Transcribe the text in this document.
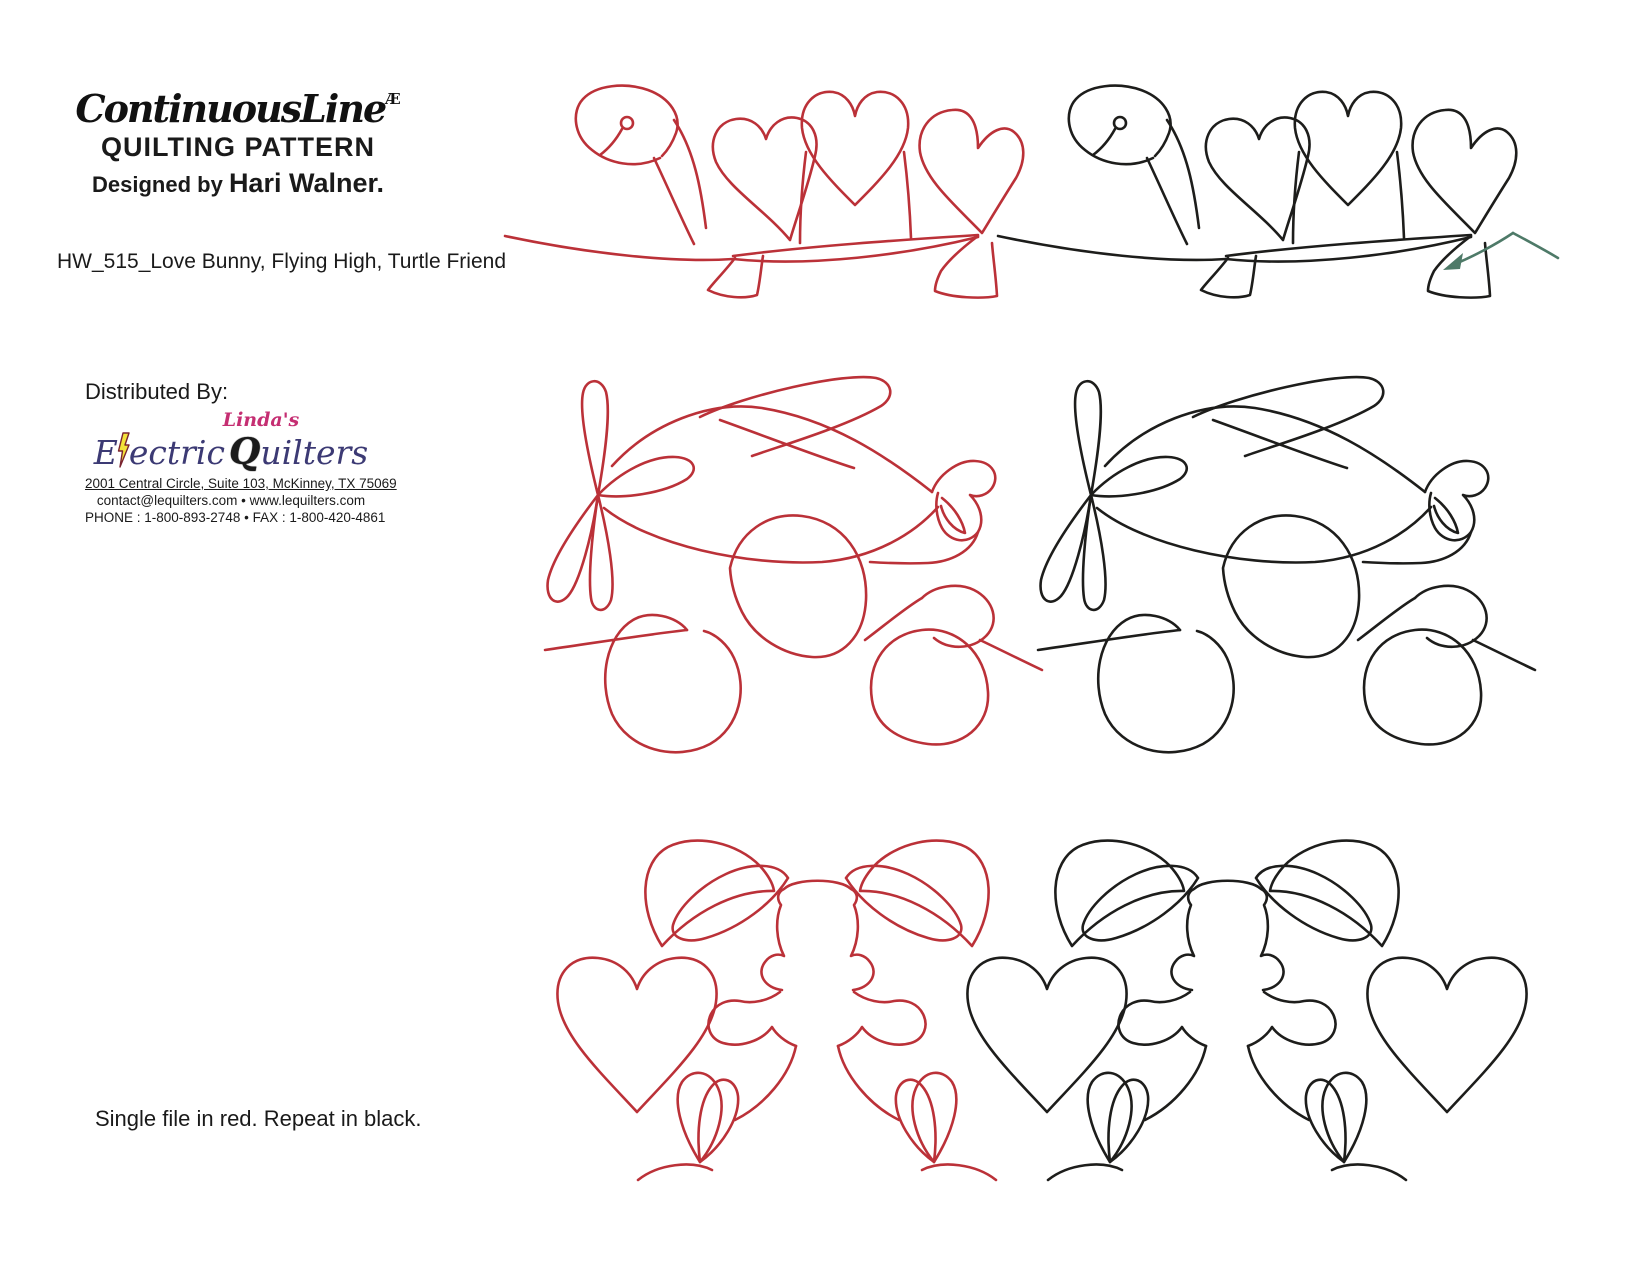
ContinuousLine$^Æ$
QUILTING PATTERN
Designed by Hari Walner.
HW_515_Love Bunny, Flying High, Turtle Friend
Distributed By:
Linda's
E ectric Q uilters
2001 Central Circle, Suite 103, McKinney, TX 75069
contact@lequilters.com • www.lequilters.com
PHONE : 1-800-893-2748 • FAX : 1-800-420-4861
Single file in red. Repeat in black.
